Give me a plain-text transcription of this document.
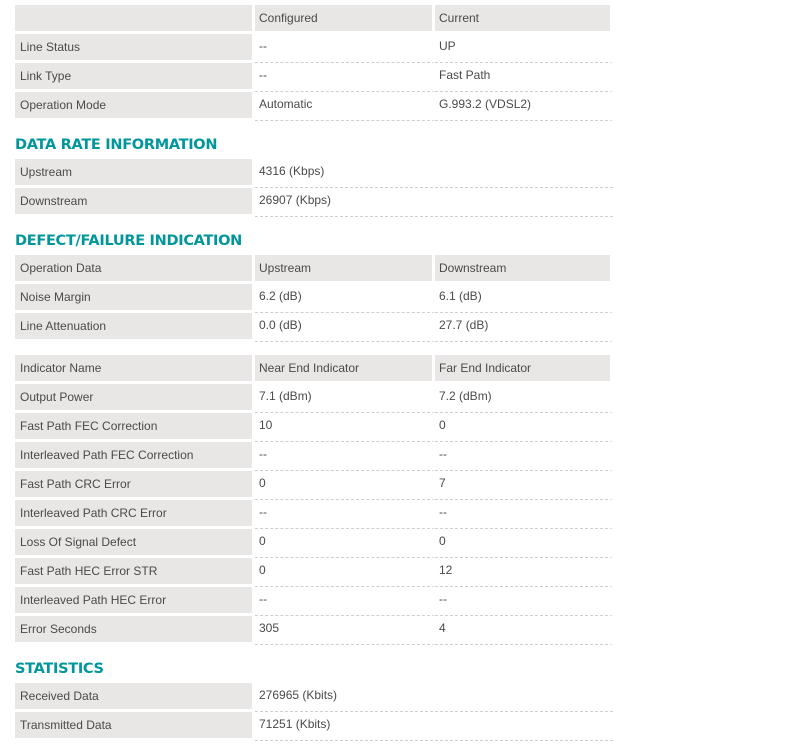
	Configured	Current
Line Status	--	UP
Link Type	--	Fast Path
Operation Mode	Automatic	G.993.2 (VDSL2)
DATA RATE INFORMATION
Upstream	4316 (Kbps)
Downstream	26907 (Kbps)
DEFECT/FAILURE INDICATION
Operation Data	Upstream	Downstream
Noise Margin	6.2 (dB)	6.1 (dB)
Line Attenuation	0.0 (dB)	27.7 (dB)
Indicator Name	Near End Indicator	Far End Indicator
Output Power	7.1 (dBm)	7.2 (dBm)
Fast Path FEC Correction	10	0
Interleaved Path FEC Correction	--	--
Fast Path CRC Error	0	7
Interleaved Path CRC Error	--	--
Loss Of Signal Defect	0	0
Fast Path HEC Error STR	0	12
Interleaved Path HEC Error	--	--
Error Seconds	305	4
STATISTICS
Received Data	276965 (Kbits)
Transmitted Data	71251 (Kbits)
